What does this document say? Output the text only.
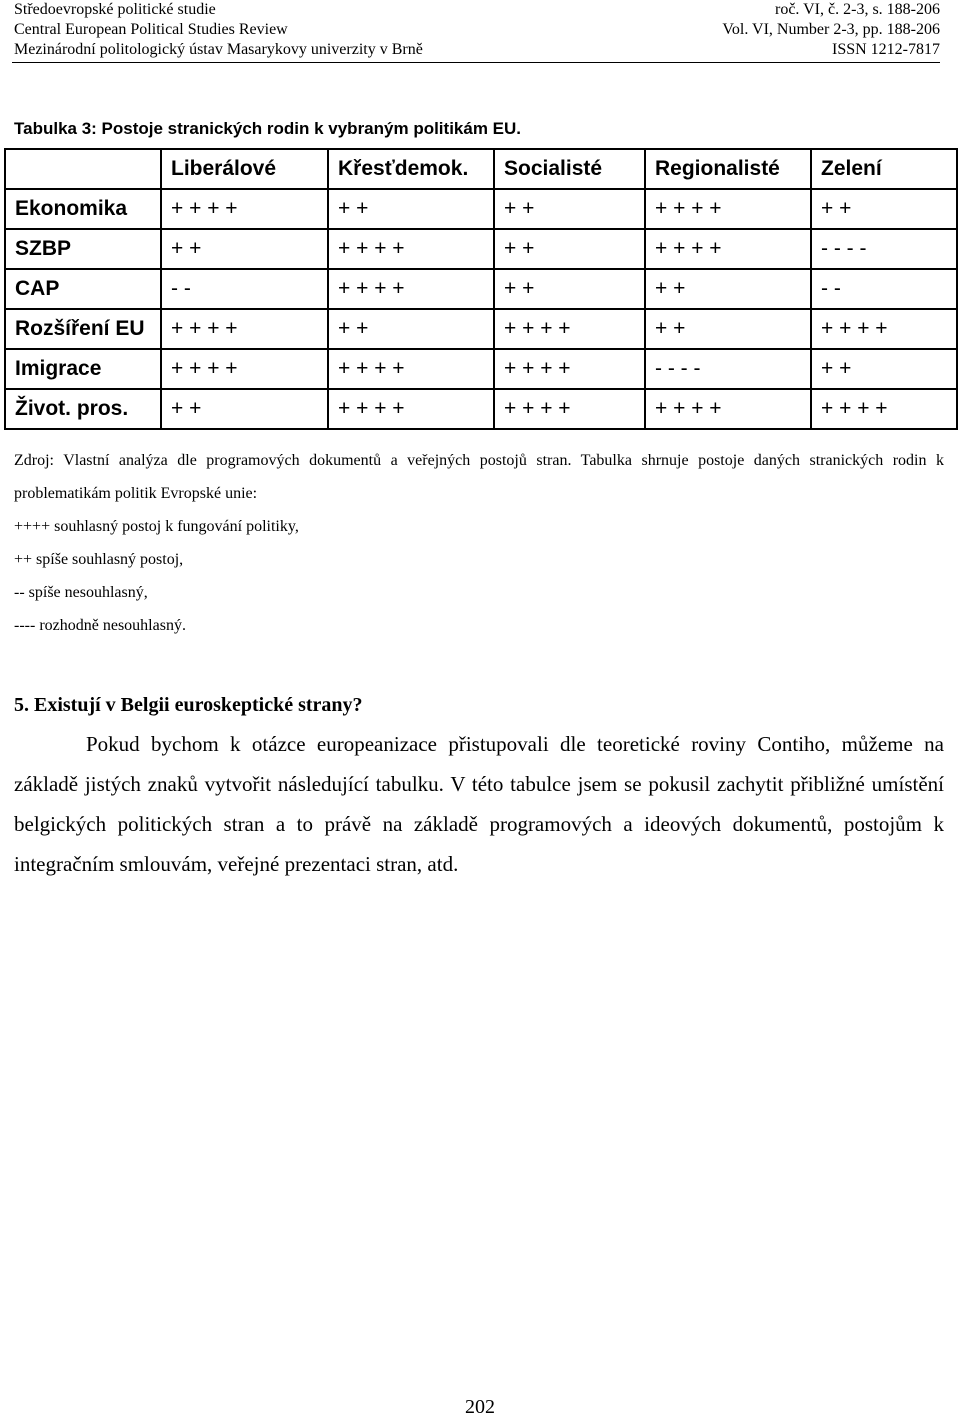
Středoevropské politické studie	roč. VI, č. 2-3, s. 188-206
Central European Political Studies Review	Vol. VI, Number 2-3, pp. 188-206
Mezinárodní politologický ústav Masarykovy univerzity v Brně	ISSN 1212-7817
Tabulka 3: Postoje stranických rodin k vybraným politikám EU.
	Liberálové	Křesťdemok.	Socialisté	Regionalisté	Zelení
Ekonomika	+ + + +	+ +	+ +	+ + + +	+ +
SZBP	+ +	+ + + +	+ +	+ + + +	- - - -
CAP	- -	+ + + +	+ +	+ +	- -
Rozšíření EU	+ + + +	+ +	+ + + +	+ +	+ + + +
Imigrace	+ + + +	+ + + +	+ + + +	- - - -	+ +
Život. pros.	+ +	+ + + +	+ + + +	+ + + +	+ + + +

Zdroj: Vlastní analýza dle programových dokumentů a veřejných postojů stran. Tabulka shrnuje postoje daných stranických rodin k problematikám politik Evropské unie:

++++ souhlasný postoj k fungování politiky,

++ spíše souhlasný postoj,

-- spíše nesouhlasný,

---- rozhodně nesouhlasný.

5. Existují v Belgii euroskeptické strany?

Pokud bychom k otázce europeanizace přistupovali dle teoretické roviny Contiho, můžeme na základě jistých znaků vytvořit následující tabulku. V této tabulce jsem se pokusil zachytit přibližné umístění belgických politických stran a to právě na základě programových a ideových dokumentů, postojům k integračním smlouvám, veřejné prezentaci stran, atd.

202
